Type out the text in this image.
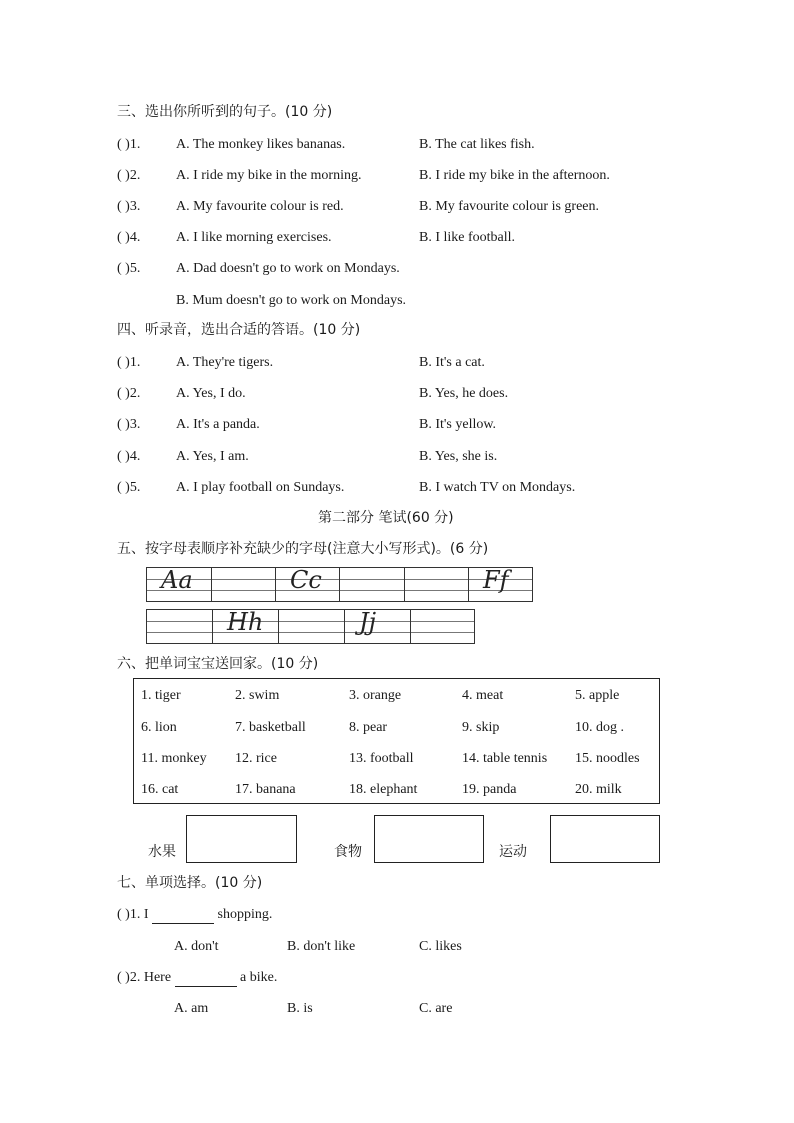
三、选出你所听到的句子。(10 分)
( )1.	A. The monkey likes bananas.	B. The cat likes fish.
( )2.	A. I ride my bike in the morning.	B. I ride my bike in the afternoon.
( )3.	A. My favourite colour is red.	B. My favourite colour is green.
( )4.	A. I like morning exercises.	B. I like football.
( )5.	A. Dad doesn't go to work on Mondays.
B. Mum doesn't go to work on Mondays.
四、听录音，选出合适的答语。(10 分)
( )1.	A. They're tigers.	B. It's a cat.
( )2.	A. Yes, I do.	B. Yes, he does.
( )3.	A. It's a panda.	B. It's yellow.
( )4.	A. Yes, I am.	B. Yes, she is.
( )5.	A. I play football on Sundays.	B. I watch TV on Mondays.
第二部分 笔试(60 分)
五、按字母表顺序补充缺少的字母(注意大小写形式)。(6 分)
Aa	Cc	Ff
Hh	Jj
六、把单词宝宝送回家。(10 分)
1. tiger	2. swim	3. orange	4. meat	5. apple
6. lion	7. basketball	8. pear	9. skip	10. dog .
11. monkey 12. rice	13. football	14. table tennis 15. noodles
16. cat	17. banana	18. elephant	19. panda	20. milk
水果	食物	运动
七、单项选择。(10 分)
( )1. I	shopping.
A. don't	B. don't like	C. likes
( )2. Here	a bike.
A. am	B. is	C. are
